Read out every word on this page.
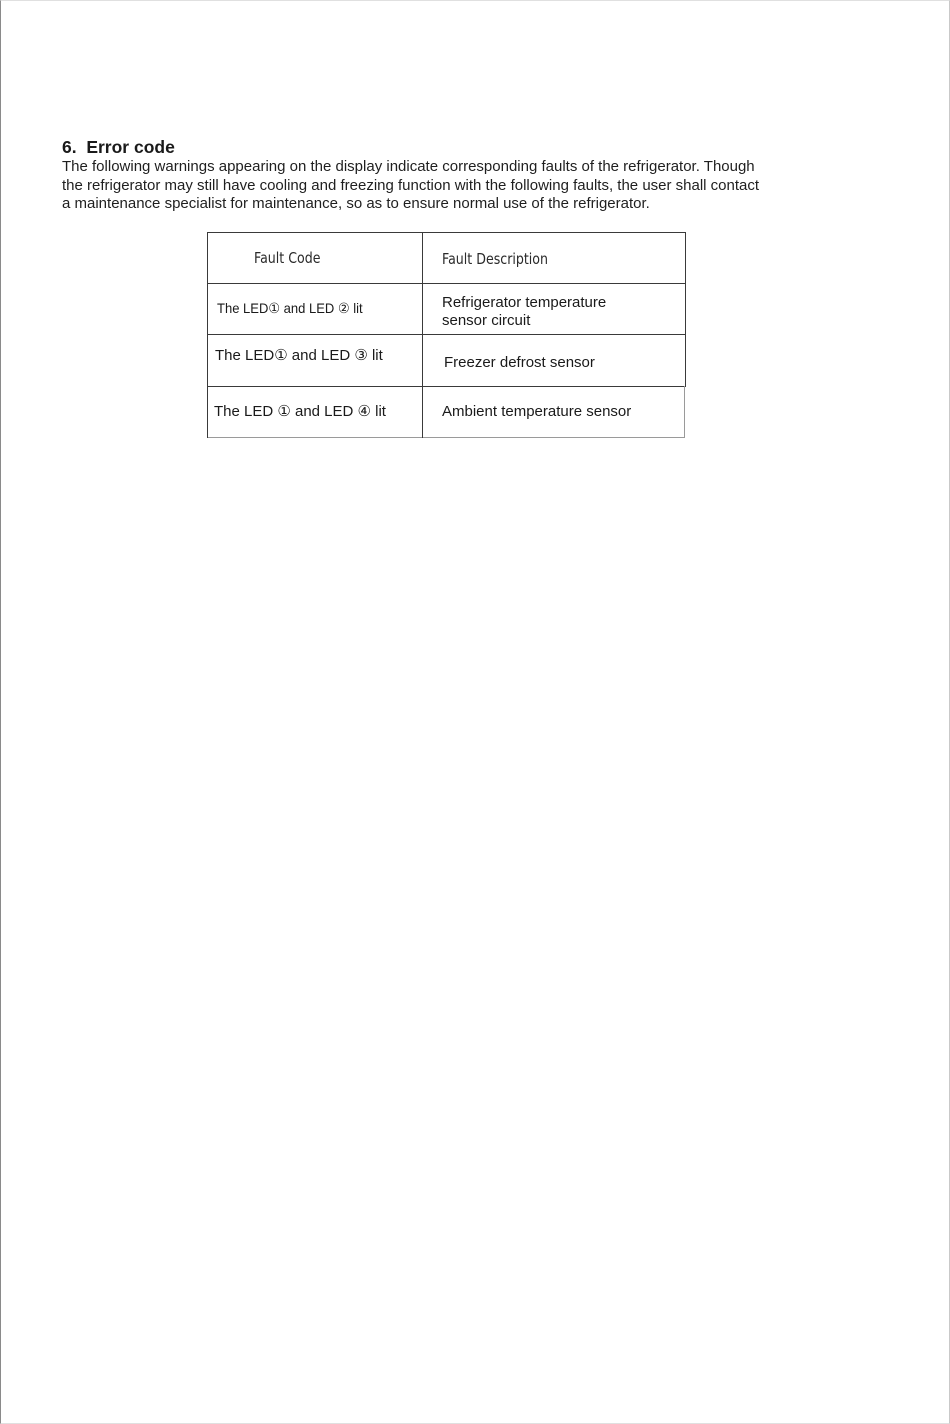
6.  Error code

The following warnings appearing on the display indicate corresponding faults of the refrigerator. Though
the refrigerator may still have cooling and freezing function with the following faults, the user shall contact
a maintenance specialist for maintenance, so as to ensure normal use of the refrigerator.

Fault Code	Fault Description
The LED① and LED ② lit	Refrigerator temperature
sensor circuit
The LED① and LED ③ lit	Freezer defrost sensor
The LED ① and LED ④ lit	Ambient temperature sensor
